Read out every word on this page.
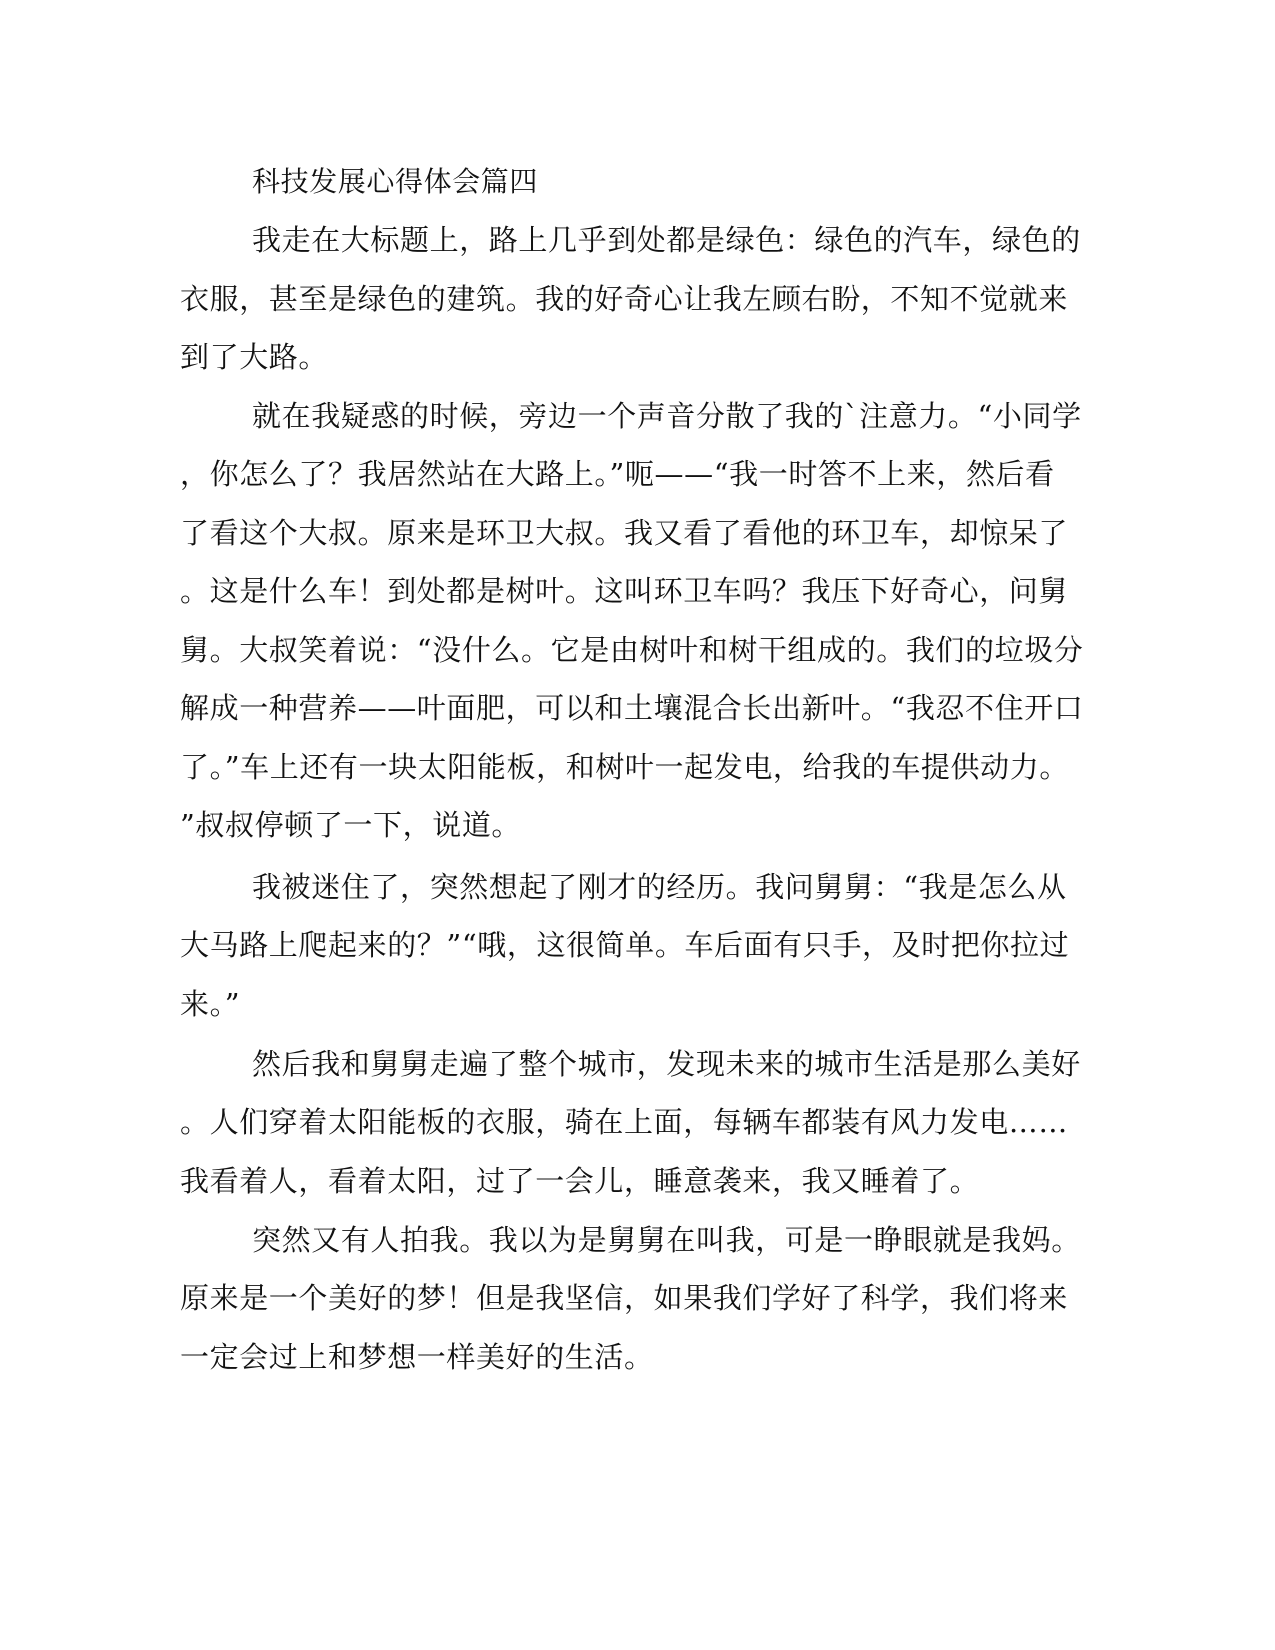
科技发展心得体会篇四

我走在大标题上，路上几乎到处都是绿色：绿色的汽车，绿色的

衣服，甚至是绿色的建筑。我的好奇心让我左顾右盼，不知不觉就来

到了大路。

就在我疑惑的时候，旁边一个声音分散了我的`注意力。“小同学

，你怎么了？我居然站在大路上。”呃——“我一时答不上来，然后看

了看这个大叔。原来是环卫大叔。我又看了看他的环卫车，却惊呆了

。这是什么车！到处都是树叶。这叫环卫车吗？我压下好奇心，问舅

舅。大叔笑着说：“没什么。它是由树叶和树干组成的。我们的垃圾分

解成一种营养——叶面肥，可以和土壤混合长出新叶。“我忍不住开口

了。”车上还有一块太阳能板，和树叶一起发电，给我的车提供动力。

”叔叔停顿了一下，说道。

我被迷住了，突然想起了刚才的经历。我问舅舅：“我是怎么从

大马路上爬起来的？”“哦，这很简单。车后面有只手，及时把你拉过

来。”

然后我和舅舅走遍了整个城市，发现未来的城市生活是那么美好

。人们穿着太阳能板的衣服，骑在上面，每辆车都装有风力发电……

我看着人，看着太阳，过了一会儿，睡意袭来，我又睡着了。

突然又有人拍我。我以为是舅舅在叫我，可是一睁眼就是我妈。

原来是一个美好的梦！但是我坚信，如果我们学好了科学，我们将来

一定会过上和梦想一样美好的生活。
